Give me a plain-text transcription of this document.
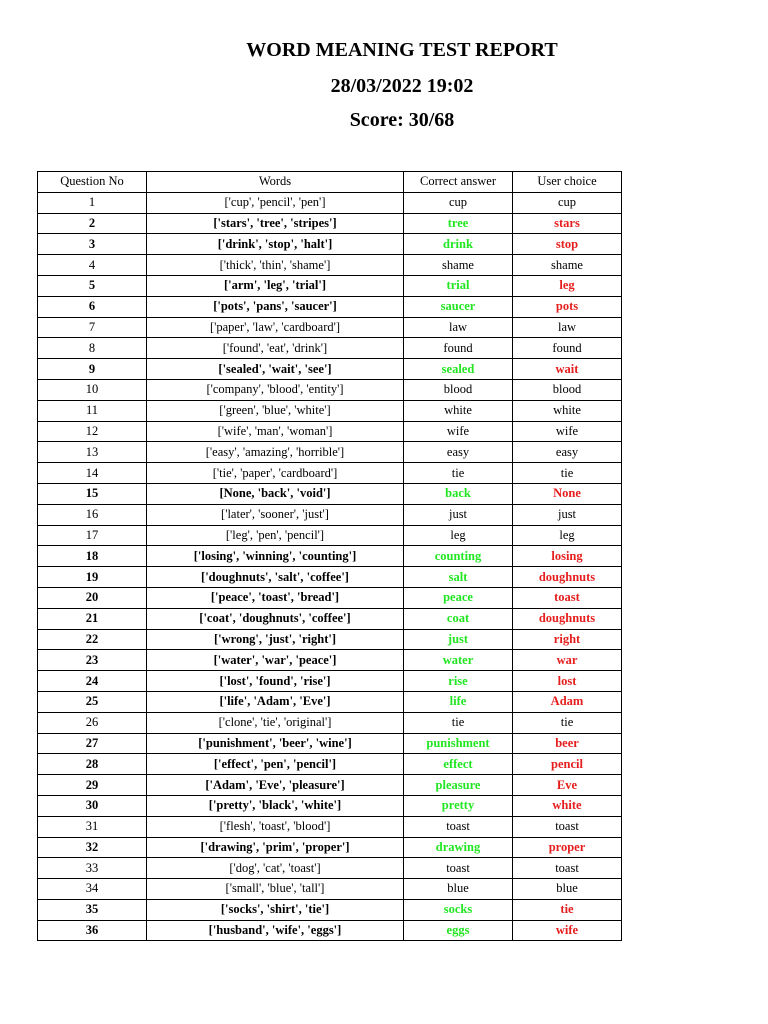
WORD MEANING TEST REPORT
28/03/2022 19:02
Score: 30/68
Question No	Words	Correct answer	User choice
1	['cup', 'pencil', 'pen']	cup	cup
2	['stars', 'tree', 'stripes']	tree	stars
3	['drink', 'stop', 'halt']	drink	stop
4	['thick', 'thin', 'shame']	shame	shame
5	['arm', 'leg', 'trial']	trial	leg
6	['pots', 'pans', 'saucer']	saucer	pots
7	['paper', 'law', 'cardboard']	law	law
8	['found', 'eat', 'drink']	found	found
9	['sealed', 'wait', 'see']	sealed	wait
10	['company', 'blood', 'entity']	blood	blood
11	['green', 'blue', 'white']	white	white
12	['wife', 'man', 'woman']	wife	wife
13	['easy', 'amazing', 'horrible']	easy	easy
14	['tie', 'paper', 'cardboard']	tie	tie
15	[None, 'back', 'void']	back	None
16	['later', 'sooner', 'just']	just	just
17	['leg', 'pen', 'pencil']	leg	leg
18	['losing', 'winning', 'counting']	counting	losing
19	['doughnuts', 'salt', 'coffee']	salt	doughnuts
20	['peace', 'toast', 'bread']	peace	toast
21	['coat', 'doughnuts', 'coffee']	coat	doughnuts
22	['wrong', 'just', 'right']	just	right
23	['water', 'war', 'peace']	water	war
24	['lost', 'found', 'rise']	rise	lost
25	['life', 'Adam', 'Eve']	life	Adam
26	['clone', 'tie', 'original']	tie	tie
27	['punishment', 'beer', 'wine']	punishment	beer
28	['effect', 'pen', 'pencil']	effect	pencil
29	['Adam', 'Eve', 'pleasure']	pleasure	Eve
30	['pretty', 'black', 'white']	pretty	white
31	['flesh', 'toast', 'blood']	toast	toast
32	['drawing', 'prim', 'proper']	drawing	proper
33	['dog', 'cat', 'toast']	toast	toast
34	['small', 'blue', 'tall']	blue	blue
35	['socks', 'shirt', 'tie']	socks	tie
36	['husband', 'wife', 'eggs']	eggs	wife
